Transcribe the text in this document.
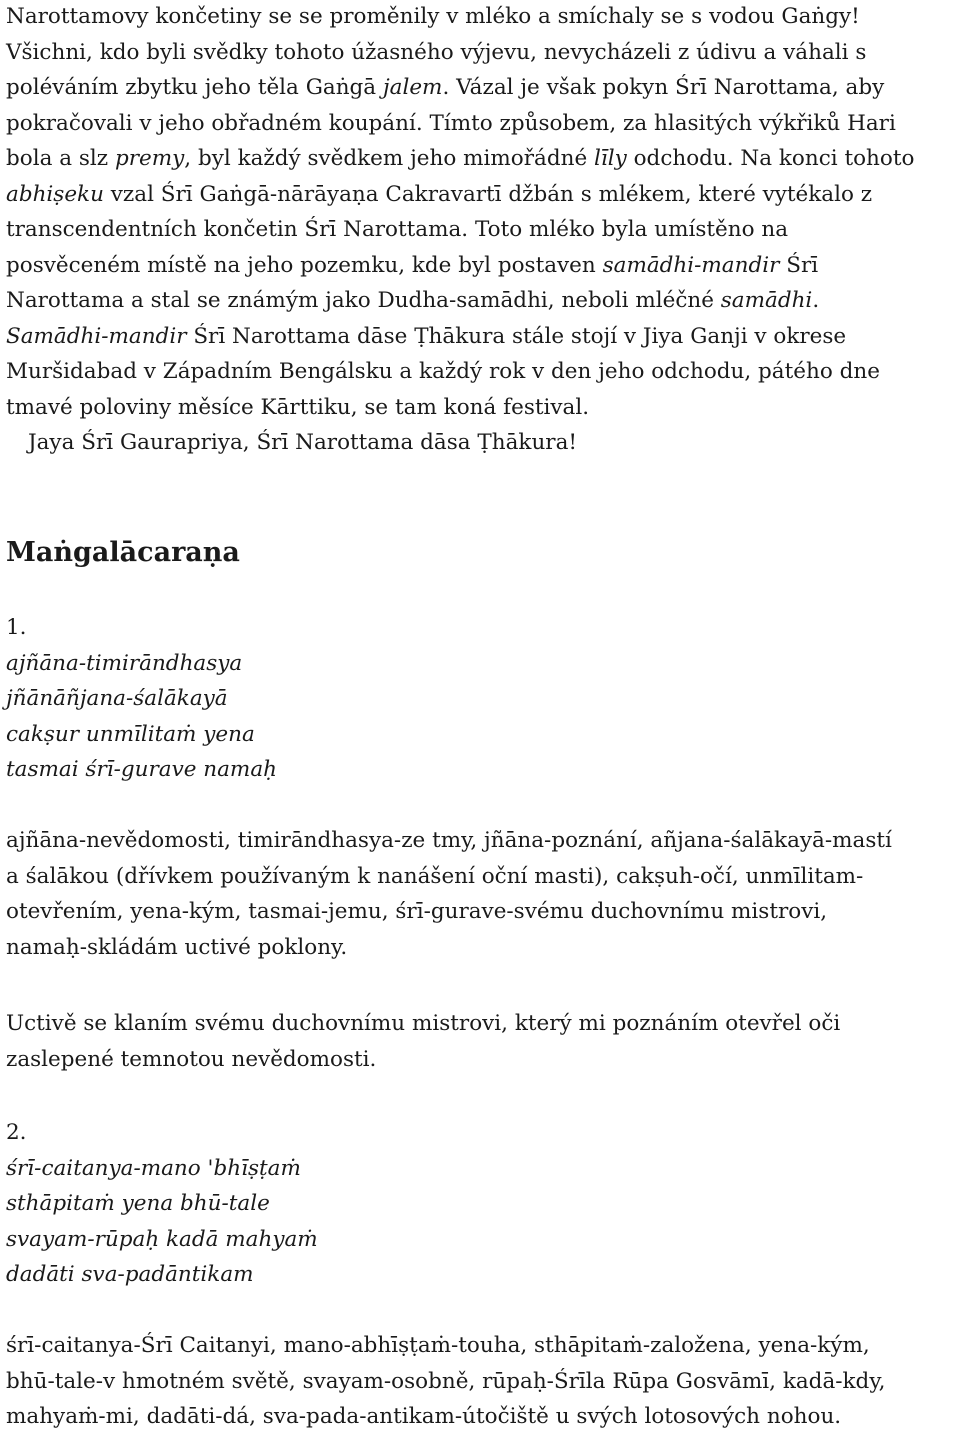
Narottamovy končetiny se se proměnily v mléko a smíchaly se s vodou Gaṅgy!
Všichni, kdo byli svědky tohoto úžasného výjevu, nevycházeli z údivu a váhali s
poléváním zbytku jeho těla Gaṅgā jalem. Vázal je však pokyn Śrī Narottama, aby
pokračovali v jeho obřadném koupání. Tímto způsobem, za hlasitých výkřiků Hari
bola a slz premy, byl každý svědkem jeho mimořádné līly odchodu. Na konci tohoto
abhiṣeku vzal Śrī Gaṅgā-nārāyaṇa Cakravartī džbán s mlékem, které vytékalo z
transcendentních končetin Śrī Narottama. Toto mléko byla umístěno na
posvěceném místě na jeho pozemku, kde byl postaven samādhi-mandir Śrī
Narottama a stal se známým jako Dudha-samādhi, neboli mléčné samādhi.
Samādhi-mandir Śrī Narottama dāse Ṭhākura stále stojí v Jiya Ganji v okrese
Muršidabad v Západním Bengálsku a každý rok v den jeho odchodu, pátého dne
tmavé poloviny měsíce Kārttiku, se tam koná festival.

Jaya Śrī Gaurapriya, Śrī Narottama dāsa Ṭhākura!

Maṅgalācaraṇa
1.
ajñāna-timirāndhasya
jñānāñjana-śalākayā
cakṣur unmīlitaṁ yena
tasmai śrī-gurave namaḥ
ajñāna-nevědomosti, timirāndhasya-ze tmy, jñāna-poznání, añjana-śalākayā-mastí
a śalākou (dřívkem používaným k nanášení oční masti), cakṣuh-očí, unmīlitam-
otevřením, yena-kým, tasmai-jemu, śrī-gurave-svému duchovnímu mistrovi,
namaḥ-skládám uctivé poklony.
Uctivě se klaním svému duchovnímu mistrovi, který mi poznáním otevřel oči
zaslepené temnotou nevědomosti.
2.
śrī-caitanya-mano 'bhīṣṭaṁ
sthāpitaṁ yena bhū-tale
svayam-rūpaḥ kadā mahyaṁ
dadāti sva-padāntikam
śrī-caitanya-Śrī Caitanyi, mano-abhīṣṭaṁ-touha, sthāpitaṁ-založena, yena-kým,
bhū-tale-v hmotném světě, svayam-osobně, rūpaḥ-Śrīla Rūpa Gosvāmī, kadā-kdy,
mahyaṁ-mi, dadāti-dá, sva-pada-antikam-útočiště u svých lotosových nohou.
